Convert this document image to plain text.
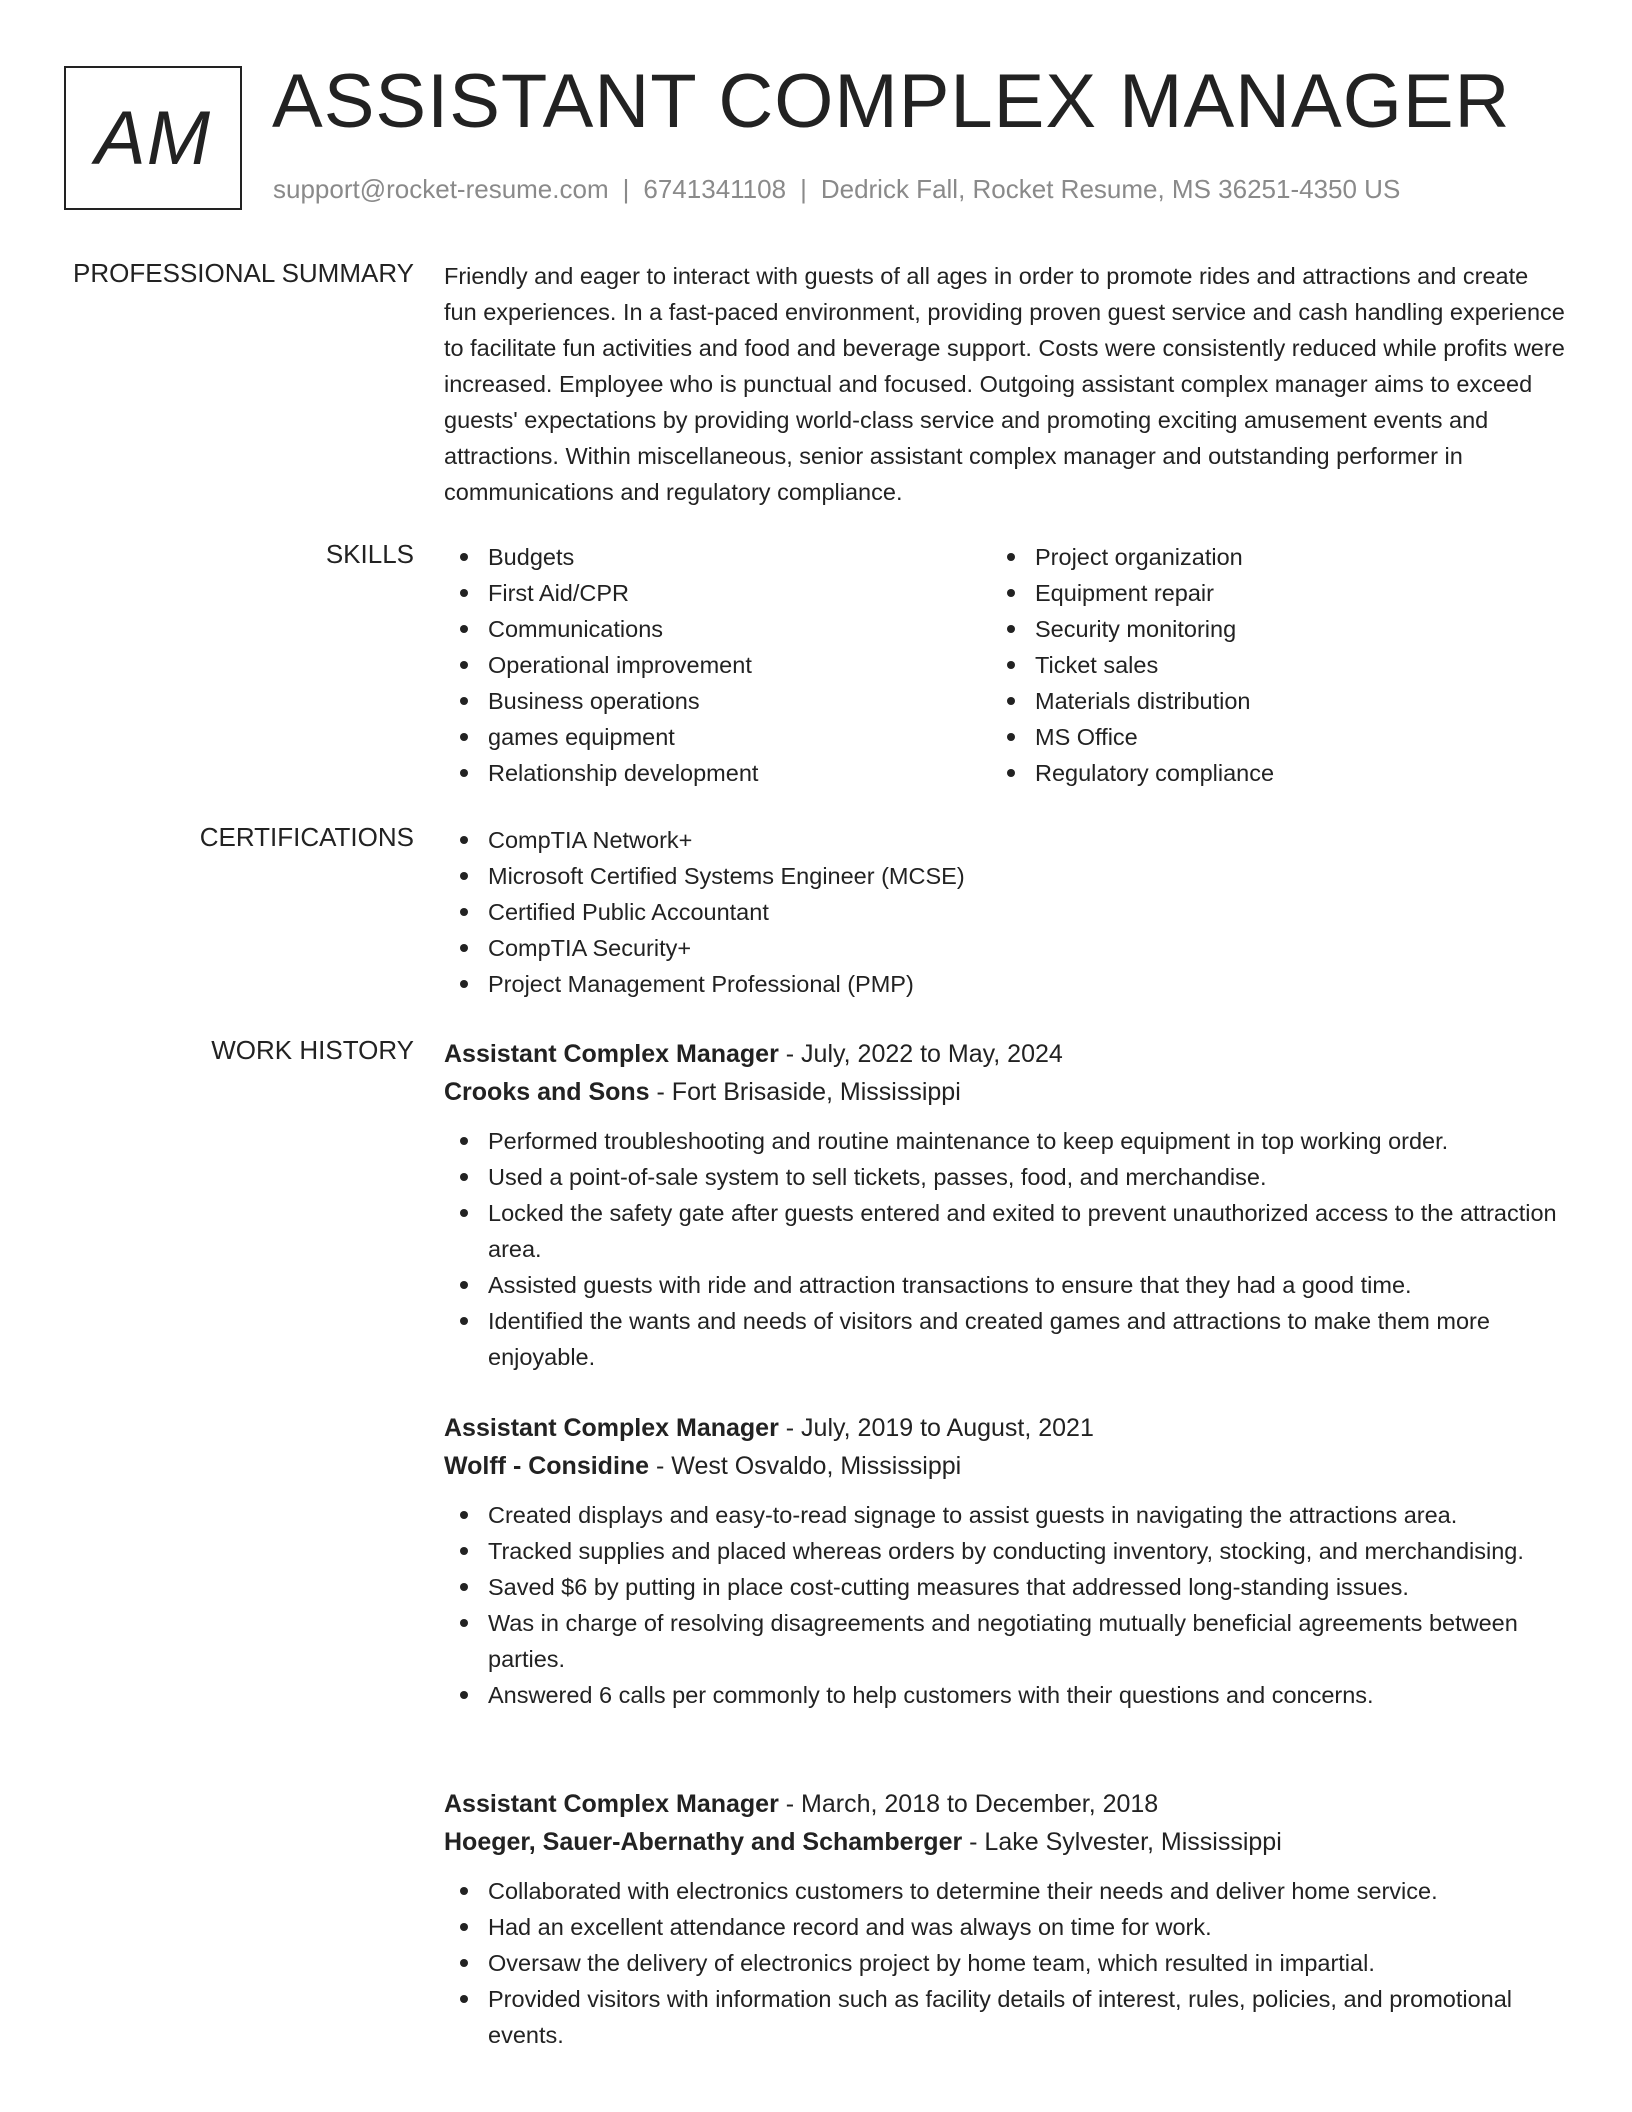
AM ASSISTANT COMPLEX MANAGER
support@rocket-resume.com | 6741341108 | Dedrick Fall, Rocket Resume, MS 36251-4350 US
PROFESSIONAL SUMMARY Friendly and eager to interact with guests of all ages in order to promote rides and attractions and create fun experiences. In a fast-paced environment, providing proven guest service and cash handling experience to facilitate fun activities and food and beverage support. Costs were consistently reduced while profits were increased. Employee who is punctual and focused. Outgoing assistant complex manager aims to exceed guests' expectations by providing world-class service and promoting exciting amusement events and attractions. Within miscellaneous, senior assistant complex manager and outstanding performer in communications and regulatory compliance.
SKILLS	Budgets
First Aid/CPR
Communications
Operational improvement
Business operations
games equipment
Relationship development
Project organization
Equipment repair
Security monitoring
Ticket sales
Materials distribution
MS Office
Regulatory compliance
CERTIFICATIONS	CompTIA Network+
Microsoft Certified Systems Engineer (MCSE)
Certified Public Accountant
CompTIA Security+
Project Management Professional (PMP)
WORK HISTORY Assistant Complex Manager - July, 2022 to May, 2024
Crooks and Sons - Fort Brisaside, Mississippi
Performed troubleshooting and routine maintenance to keep equipment in top working order.
Used a point-of-sale system to sell tickets, passes, food, and merchandise.
Locked the safety gate after guests entered and exited to prevent unauthorized access to the attraction area.
Assisted guests with ride and attraction transactions to ensure that they had a good time.
Identified the wants and needs of visitors and created games and attractions to make them more enjoyable.
Assistant Complex Manager - July, 2019 to August, 2021
Wolff - Considine - West Osvaldo, Mississippi
Created displays and easy-to-read signage to assist guests in navigating the attractions area.
Tracked supplies and placed whereas orders by conducting inventory, stocking, and merchandising.
Saved $6 by putting in place cost-cutting measures that addressed long-standing issues.
Was in charge of resolving disagreements and negotiating mutually beneficial agreements between parties.
Answered 6 calls per commonly to help customers with their questions and concerns.
Assistant Complex Manager - March, 2018 to December, 2018
Hoeger, Sauer-Abernathy and Schamberger - Lake Sylvester, Mississippi
Collaborated with electronics customers to determine their needs and deliver home service.
Had an excellent attendance record and was always on time for work.
Oversaw the delivery of electronics project by home team, which resulted in impartial.
Provided visitors with information such as facility details of interest, rules, policies, and promotional events.
